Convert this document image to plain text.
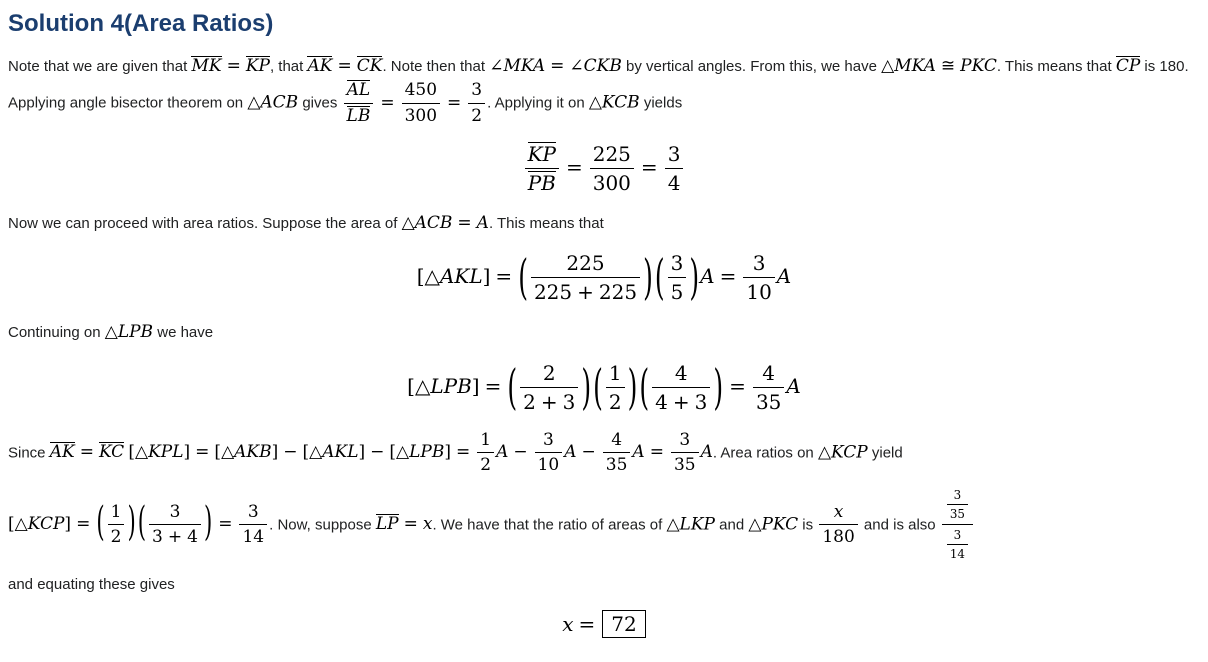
Solution 4(Area Ratios)

Note that we are given that MK = KP, that AK = CK. Note then that ∠MKA = ∠CKB by vertical angles. From this, we have △MKA ≅ PKC. This means that CP is 180. Applying angle bisector theorem on △ACB gives $\frac{AL}{LB} = \frac{450}{300} = \frac{3}{2}$ . Applying it on △KCB yields

$\frac{KP}{PB} = \frac{225}{300} = \frac{3}{4}$

Now we can proceed with area ratios. Suppose the area of △ACB = A. This means that

[△AKL] = ( $\frac{225}{225 + 225}$ )( $\frac{3}{5} )A = \frac{3}{10}$ A

Continuing on △LPB we have

[△LPB] = ( $\frac{2}{2 + 3}$ )( $\frac{1}{2}$ )( $\frac{4}{4 + 3}$ ) = $\frac{4}{35}$ A

Since AK = KC [△KPL] = [△AKB] − [△AKL] − [△LPB] = $\frac{1}{2}$ $A - \frac{3}{10}$ $A - \frac{4}{35}$ $A = \frac{3}{35} A$. Area ratios on △KCP yield

[△KCP] = ( $\frac{1}{2}$ )( $\frac{3}{3 + 4}$ ) = $\frac{3}{14}$ . Now, suppose LP = x. We have that the ratio of areas of △LKP and △PKC is $\frac{x}{180}$ and is also $\frac{\frac{3}{35}}{\frac{3}{14}}$

and equating these gives

x = 72
